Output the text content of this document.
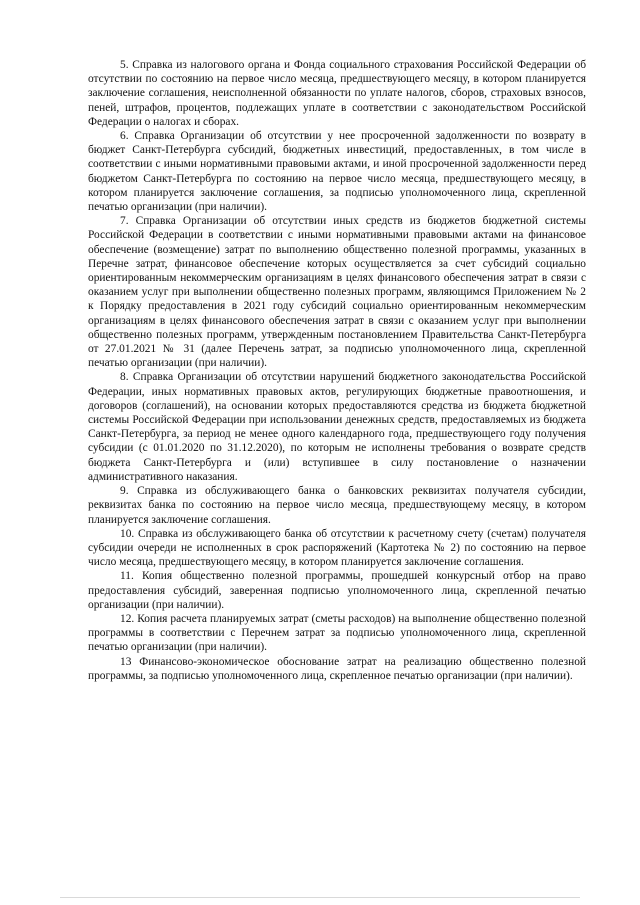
5. Справка из налогового органа и Фонда социального страхования Российской Федерации об отсутствии по состоянию на первое число месяца, предшествующего месяцу, в котором планируется заключение соглашения, неисполненной обязанности по уплате налогов, сборов, страховых взносов, пеней, штрафов, процентов, подлежащих уплате в соответствии с законодательством Российской Федерации о налогах и сборах.

6. Справка Организации об отсутствии у нее просроченной задолженности по возврату в бюджет Санкт-Петербурга субсидий, бюджетных инвестиций, предоставленных, в том числе в соответствии с иными нормативными правовыми актами, и иной просроченной задолженности перед бюджетом Санкт-Петербурга по состоянию на первое число месяца, предшествующего месяцу, в котором планируется заключение соглашения, за подписью уполномоченного лица, скрепленной печатью организации (при наличии).

7. Справка Организации об отсутствии иных средств из бюджетов бюджетной системы Российской Федерации в соответствии с иными нормативными правовыми актами на финансовое обеспечение (возмещение) затрат по выполнению общественно полезной программы, указанных в Перечне затрат, финансовое обеспечение которых осуществляется за счет субсидий социально ориентированным некоммерческим организациям в целях финансового обеспечения затрат в связи с оказанием услуг при выполнении общественно полезных программ, являющимся Приложением № 2 к Порядку предоставления в 2021 году субсидий социально ориентированным некоммерческим организациям в целях финансового обеспечения затрат в связи с оказанием услуг при выполнении общественно полезных программ, утвержденным постановлением Правительства Санкт-Петербурга от 27.01.2021 № 31 (далее Перечень затрат, за подписью уполномоченного лица, скрепленной печатью организации (при наличии).

8. Справка Организации об отсутствии нарушений бюджетного законодательства Российской Федерации, иных нормативных правовых актов, регулирующих бюджетные правоотношения, и договоров (соглашений), на основании которых предоставляются средства из бюджета бюджетной системы Российской Федерации при использовании денежных средств, предоставляемых из бюджета Санкт-Петербурга, за период не менее одного календарного года, предшествующего году получения субсидии (с 01.01.2020 по 31.12.2020), по которым не исполнены требования о возврате средств бюджета Санкт-Петербурга и (или) вступившее в силу постановление о назначении административного наказания.

9. Справка из обслуживающего банка о банковских реквизитах получателя субсидии, реквизитах банка по состоянию на первое число месяца, предшествующему месяцу, в котором планируется заключение соглашения.

10. Справка из обслуживающего банка об отсутствии к расчетному счету (счетам) получателя субсидии очереди не исполненных в срок распоряжений (Картотека № 2) по состоянию на первое число месяца, предшествующего месяцу, в котором планируется заключение соглашения.

11. Копия общественно полезной программы, прошедшей конкурсный отбор на право предоставления субсидий, заверенная подписью уполномоченного лица, скрепленной печатью организации (при наличии).

12. Копия расчета планируемых затрат (сметы расходов) на выполнение общественно полезной программы в соответствии с Перечнем затрат за подписью уполномоченного лица, скрепленной печатью организации (при наличии).

13 Финансово-экономическое обоснование затрат на реализацию общественно полезной программы, за подписью уполномоченного лица, скрепленное печатью организации (при наличии).
